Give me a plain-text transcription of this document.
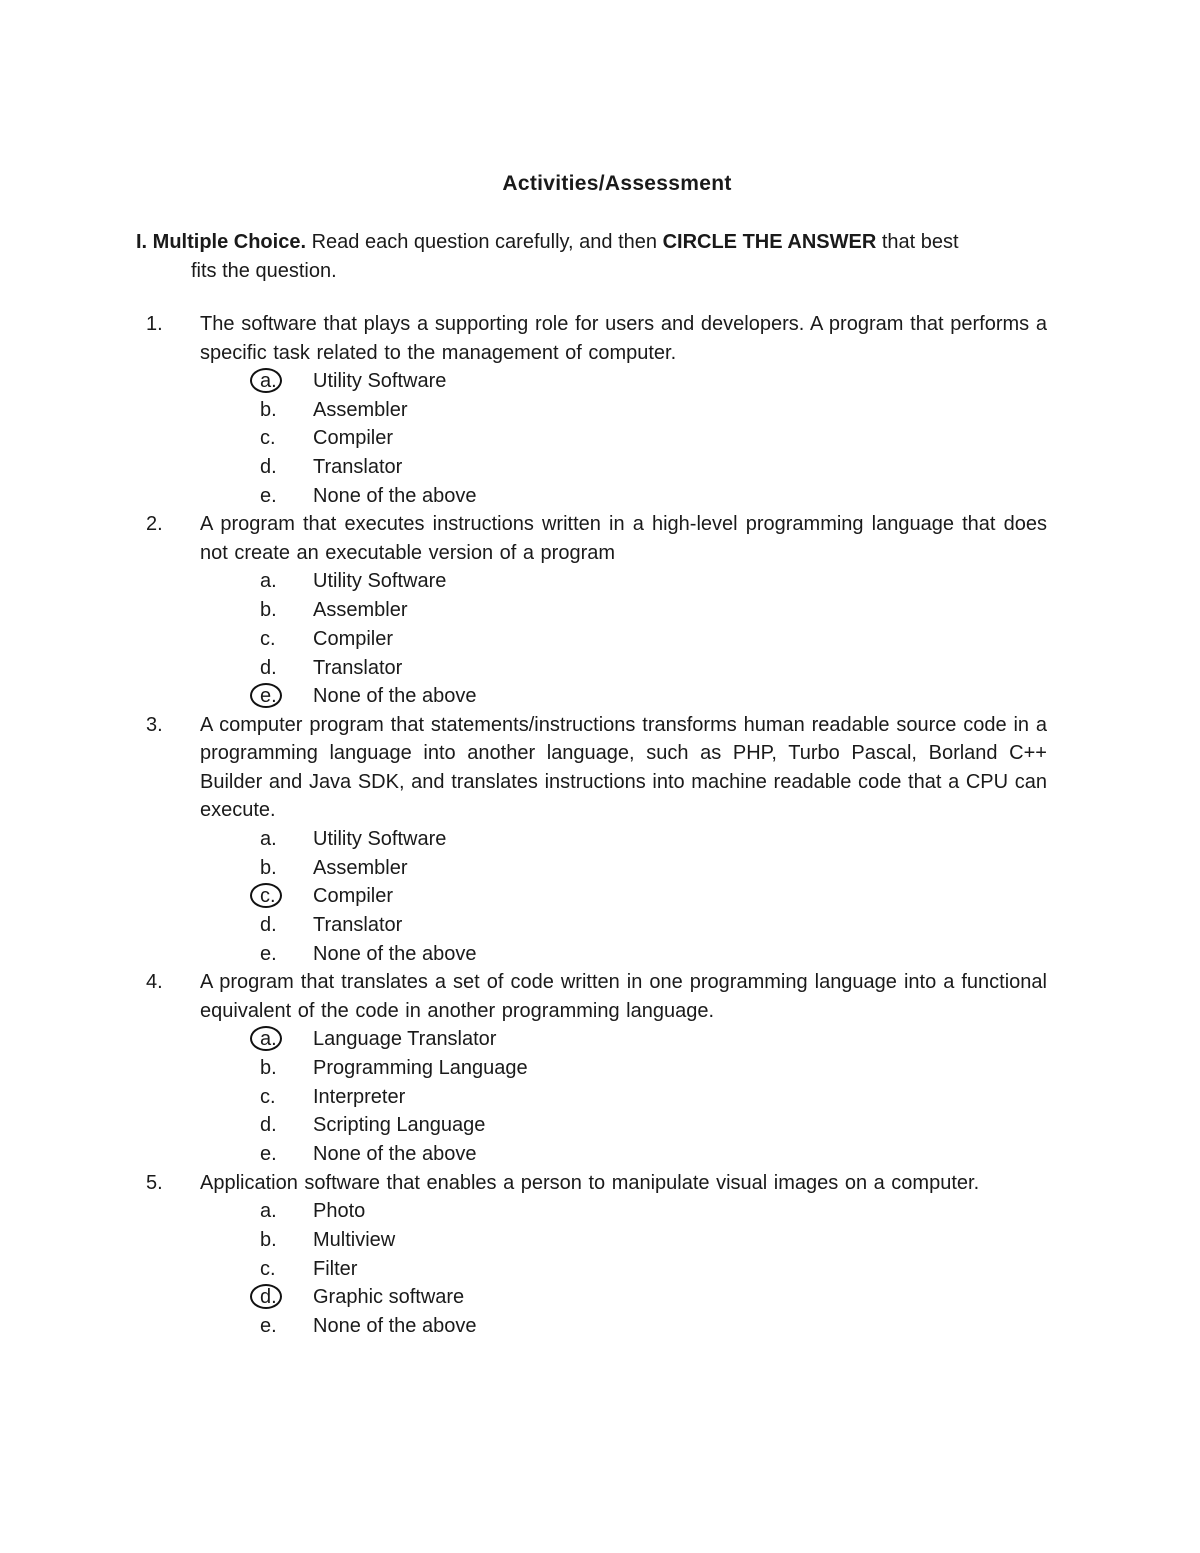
Activities/Assessment

I. Multiple Choice. Read each question carefully, and then CIRCLE THE ANSWER that best
fits the question.

1. The software that plays a supporting role for users and developers. A program that performs a specific task related to the management of computer.
a.	Utility Software
b.	Assembler
c.	Compiler
d.	Translator
e.	None of the above
2. A program that executes instructions written in a high-level programming language that does not create an executable version of a program
a.	Utility Software
b.	Assembler
c.	Compiler
d.	Translator
e.	None of the above
3. A computer program that statements/instructions transforms human readable source code in a programming language into another language, such as PHP, Turbo Pascal, Borland C++ Builder and Java SDK, and translates instructions into machine readable code that a CPU can execute.
a.	Utility Software
b.	Assembler
c.	Compiler
d.	Translator
e.	None of the above
4. A program that translates a set of code written in one programming language into a functional equivalent of the code in another programming language.
a.	Language Translator
b.	Programming Language
c.	Interpreter
d.	Scripting Language
e.	None of the above
5. Application software that enables a person to manipulate visual images on a computer.
a.	Photo
b.	Multiview
c.	Filter
d.	Graphic software
e.	None of the above
